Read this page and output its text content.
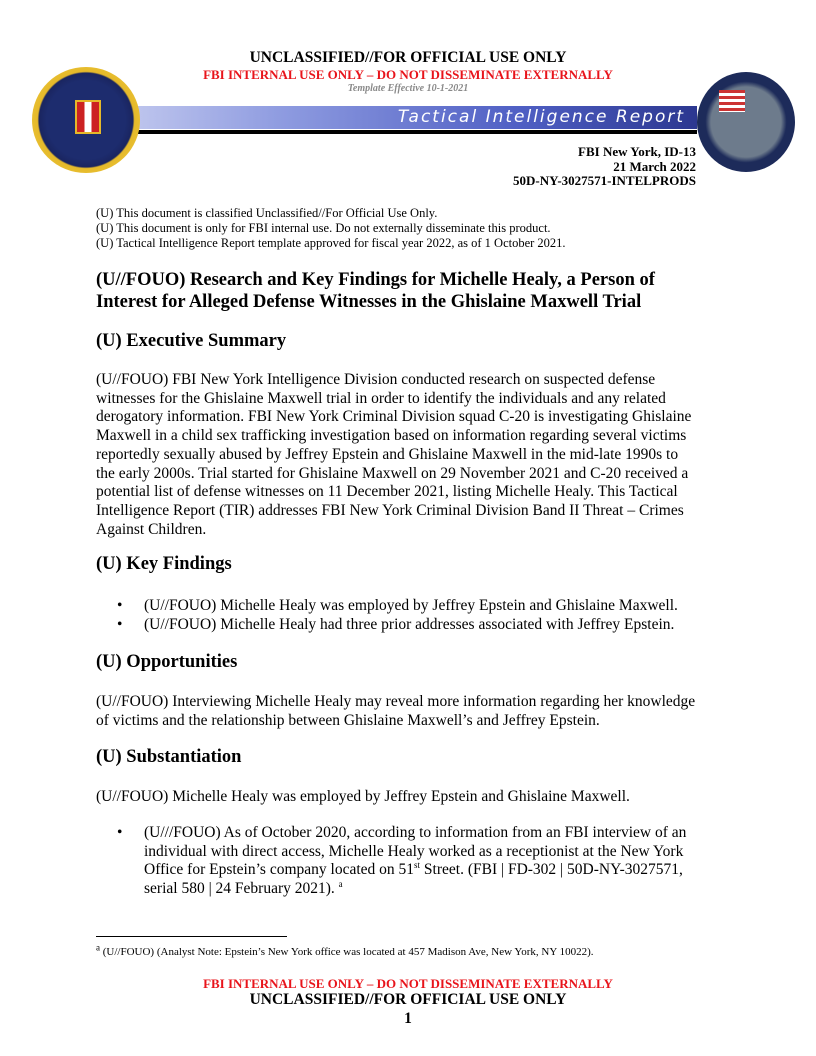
UNCLASSIFIED//FOR OFFICIAL USE ONLY
FBI INTERNAL USE ONLY – DO NOT DISSEMINATE EXTERNALLY
Template Effective 10-1-2021
Tactical Intelligence Report
FBI New York, ID-13
21 March 2022
50D-NY-3027571-INTELPRODS
(U) This document is classified Unclassified//For Official Use Only.
(U) This document is only for FBI internal use. Do not externally disseminate this product.
(U) Tactical Intelligence Report template approved for fiscal year 2022, as of 1 October 2021.
(U//FOUO) Research and Key Findings for Michelle Healy, a Person of
Interest for Alleged Defense Witnesses in the Ghislaine Maxwell Trial
(U) Executive Summary
(U//FOUO) FBI New York Intelligence Division conducted research on suspected defense
witnesses for the Ghislaine Maxwell trial in order to identify the individuals and any related
derogatory information. FBI New York Criminal Division squad C-20 is investigating Ghislaine
Maxwell in a child sex trafficking investigation based on information regarding several victims
reportedly sexually abused by Jeffrey Epstein and Ghislaine Maxwell in the mid-late 1990s to
the early 2000s. Trial started for Ghislaine Maxwell on 29 November 2021 and C-20 received a
potential list of defense witnesses on 11 December 2021, listing Michelle Healy. This Tactical
Intelligence Report (TIR) addresses FBI New York Criminal Division Band II Threat – Crimes
Against Children.
(U) Key Findings
• (U//FOUO) Michelle Healy was employed by Jeffrey Epstein and Ghislaine Maxwell.
• (U//FOUO) Michelle Healy had three prior addresses associated with Jeffrey Epstein.
(U) Opportunities
(U//FOUO) Interviewing Michelle Healy may reveal more information regarding her knowledge
of victims and the relationship between Ghislaine Maxwell’s and Jeffrey Epstein.
(U) Substantiation
(U//FOUO) Michelle Healy was employed by Jeffrey Epstein and Ghislaine Maxwell.
• (U///FOUO) As of October 2020, according to information from an FBI interview of an
individual with direct access, Michelle Healy worked as a receptionist at the New York
Office for Epstein’s company located on 51st Street. (FBI | FD-302 | 50D-NY-3027571,
serial 580 | 24 February 2021). $^a$
$^a$ (U//FOUO) (Analyst Note: Epstein’s New York office was located at 457 Madison Ave, New York, NY 10022).
FBI INTERNAL USE ONLY – DO NOT DISSEMINATE EXTERNALLY
UNCLASSIFIED//FOR OFFICIAL USE ONLY
1
